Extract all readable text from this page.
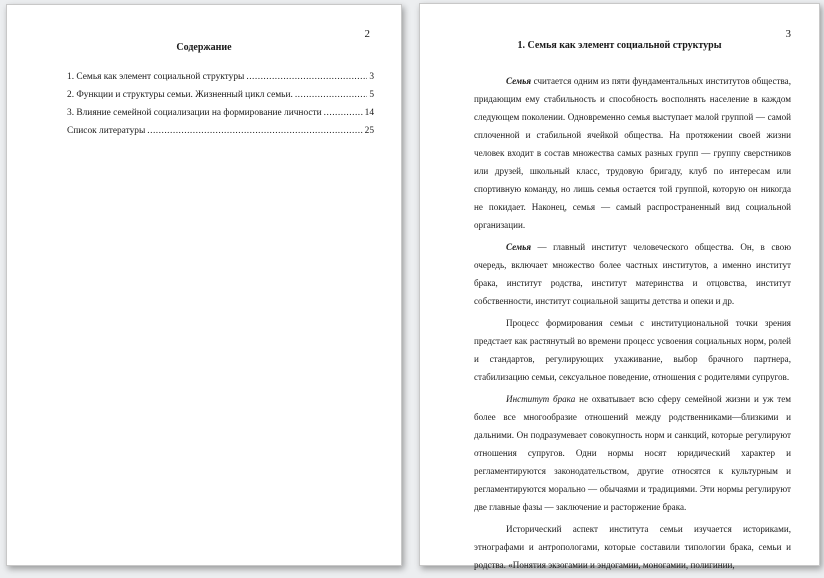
2
Содержание
1. Семья как элемент социальной структуры .....	3
2. Функции и структуры семьи. Жизненный цикл семьи. .....	5
3. Влияние семейной социализации на формирование личности .....	14
Список литературы .....	25
3
1. Семья как элемент социальной структуры

Семья считается одним из пяти фундаментальных институтов общества, придающим ему стабильность и способность восполнять население в каждом следующем поколении. Одновременно семья выступает малой группой — самой сплоченной и стабильной ячейкой общества. На протяжении своей жизни человек входит в состав множества самых разных групп — группу сверстников или друзей, школьный класс, трудовую бригаду, клуб по интересам или спортивную команду, но лишь семья остается той группой, которую он никогда не покидает. Наконец, семья — самый распространенный вид социальной организации.

Семья — главный институт человеческого общества. Он, в свою очередь, включает множество более частных институтов, а именно институт брака, институт родства, институт материнства и отцовства, институт собственности, институт социальной защиты детства и опеки и др.

Процесс формирования семьи с институциональной точки зрения предстает как растянутый во времени процесс усвоения социальных норм, ролей и стандартов, регулирующих ухаживание, выбор брачного партнера, стабилизацию семьи, сексуальное поведение, отношения с родителями супругов.

Институт брака не охватывает всю сферу семейной жизни и уж тем более все многообразие отношений между родственниками—близкими и дальними. Он подразумевает совокупность норм и санкций, которые регулируют отношения супругов. Одни нормы носят юридический характер и регламентируются законодательством, другие относятся к культурным и регламентируются морально — обычаями и традициями. Эти нормы регулируют две главные фазы — заключение и расторжение брака.

Исторический аспект института семьи изучается историками, этнографами и антропологами, которые составили типологии брака, семьи и родства. «Понятия экзогамии и эндогамии, моногамии, полигинии,
